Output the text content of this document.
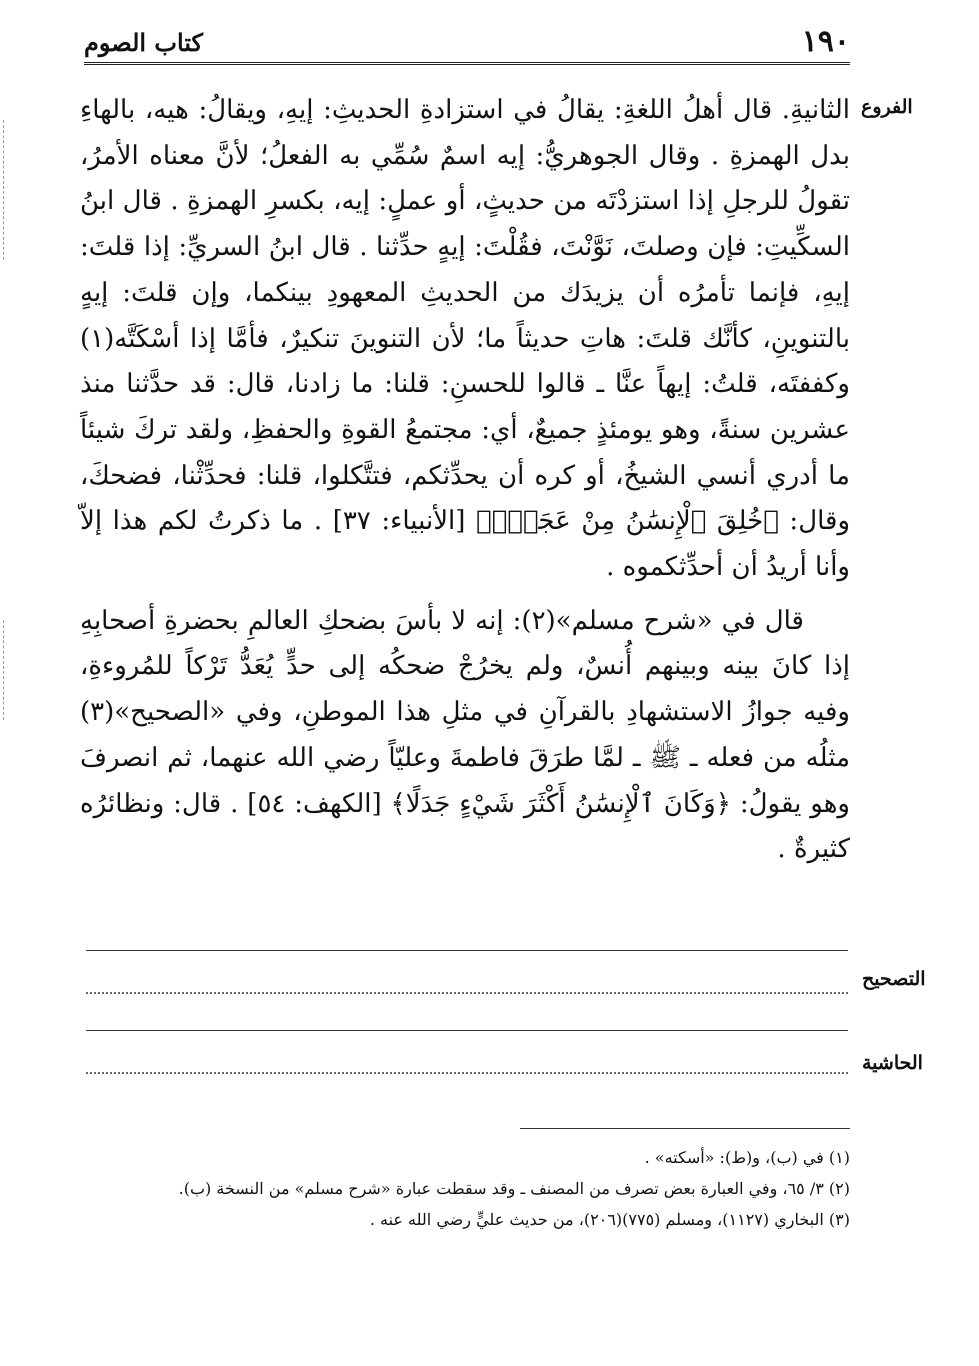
١٩٠
كتاب الصوم
الفروع

الثانيةِ. قال أهلُ اللغةِ: يقالُ في استزادةِ الحديثِ: إيهِ، ويقالُ: هيه، بالهاءِ بدل الهمزةِ . وقال الجوهريُّ: إيه اسمٌ سُمِّي به الفعلُ؛ لأنَّ معناه الأمرُ، تقولُ للرجلِ إذا استزدْتَه من حديثٍ، أو عملٍ: إيه، بكسرِ الهمزةِ . قال ابنُ السكِّيتِ: فإن وصلتَ، نَوَّنْتَ، فقُلْتَ: إيهٍ حدِّثنا . قال ابنُ السريِّ: إذا قلتَ: إيهِ، فإنما تأمرُه أن يزيدَك من الحديثِ المعهودِ بينكما، وإن قلتَ: إيهٍ بالتنوينِ، كأنَّك قلتَ: هاتِ حديثاً ما؛ لأن التنوينَ تنكيرٌ، فأمَّا إذا أسْكَتَّه(١) وكففتَه، قلتُ: إيهاً عنَّا ـ قالوا للحسنِ: قلنا: ما زادنا، قال: قد حدَّثنا منذ عشرين سنةً، وهو يومئذٍ جميعٌ، أي: مجتمعُ القوةِ والحفظِ، ولقد تركَ شيئاً ما أدري أنسي الشيخُ، أو كره أن يحدِّثكم، فتتَّكلوا، قلنا: فحدِّثْنا، فضحكَ، وقال: ﴿خُلِقَ ٱلْإِنسَٰنُ مِنْ عَجَلٍۚ﴾ [الأنبياء: ٣٧] . ما ذكرتُ لكم هذا إلاّ وأنا أريدُ أن أحدِّثكموه .

قال في «شرح مسلم»(٢): إنه لا بأسَ بضحكِ العالمِ بحضرةِ أصحابِهِ إذا كانَ بينه وبينهم أُنسٌ، ولم يخرُجْ ضحكُه إلى حدٍّ يُعَدُّ تَرْكاً للمُروءةِ، وفيه جوازُ الاستشهادِ بالقرآنِ في مثلِ هذا الموطنِ، وفي «الصحيح»(٣) مثلُه من فعله ـ ﷺ ـ لمَّا طرَقَ فاطمةَ وعليّاً رضي الله عنهما، ثم انصرفَ وهو يقولُ: ﴿وَكَانَ ٱلْإِنسَٰنُ أَكْثَرَ شَيْءٍ جَدَلًا﴾ [الكهف: ٥٤] . قال: ونظائرُه كثيرةٌ .

التصحيح
الحاشية
(١) في (ب)، و(ط): «أسكته» .
(٢) ٣/ ٦٥، وفي العبارة بعض تصرف من المصنف ـ وقد سقطت عبارة «شرح مسلم» من النسخة (ب).
(٣) البخاري (١١٢٧)، ومسلم (٧٧٥)(٢٠٦)، من حديث عليٍّ رضي الله عنه .
